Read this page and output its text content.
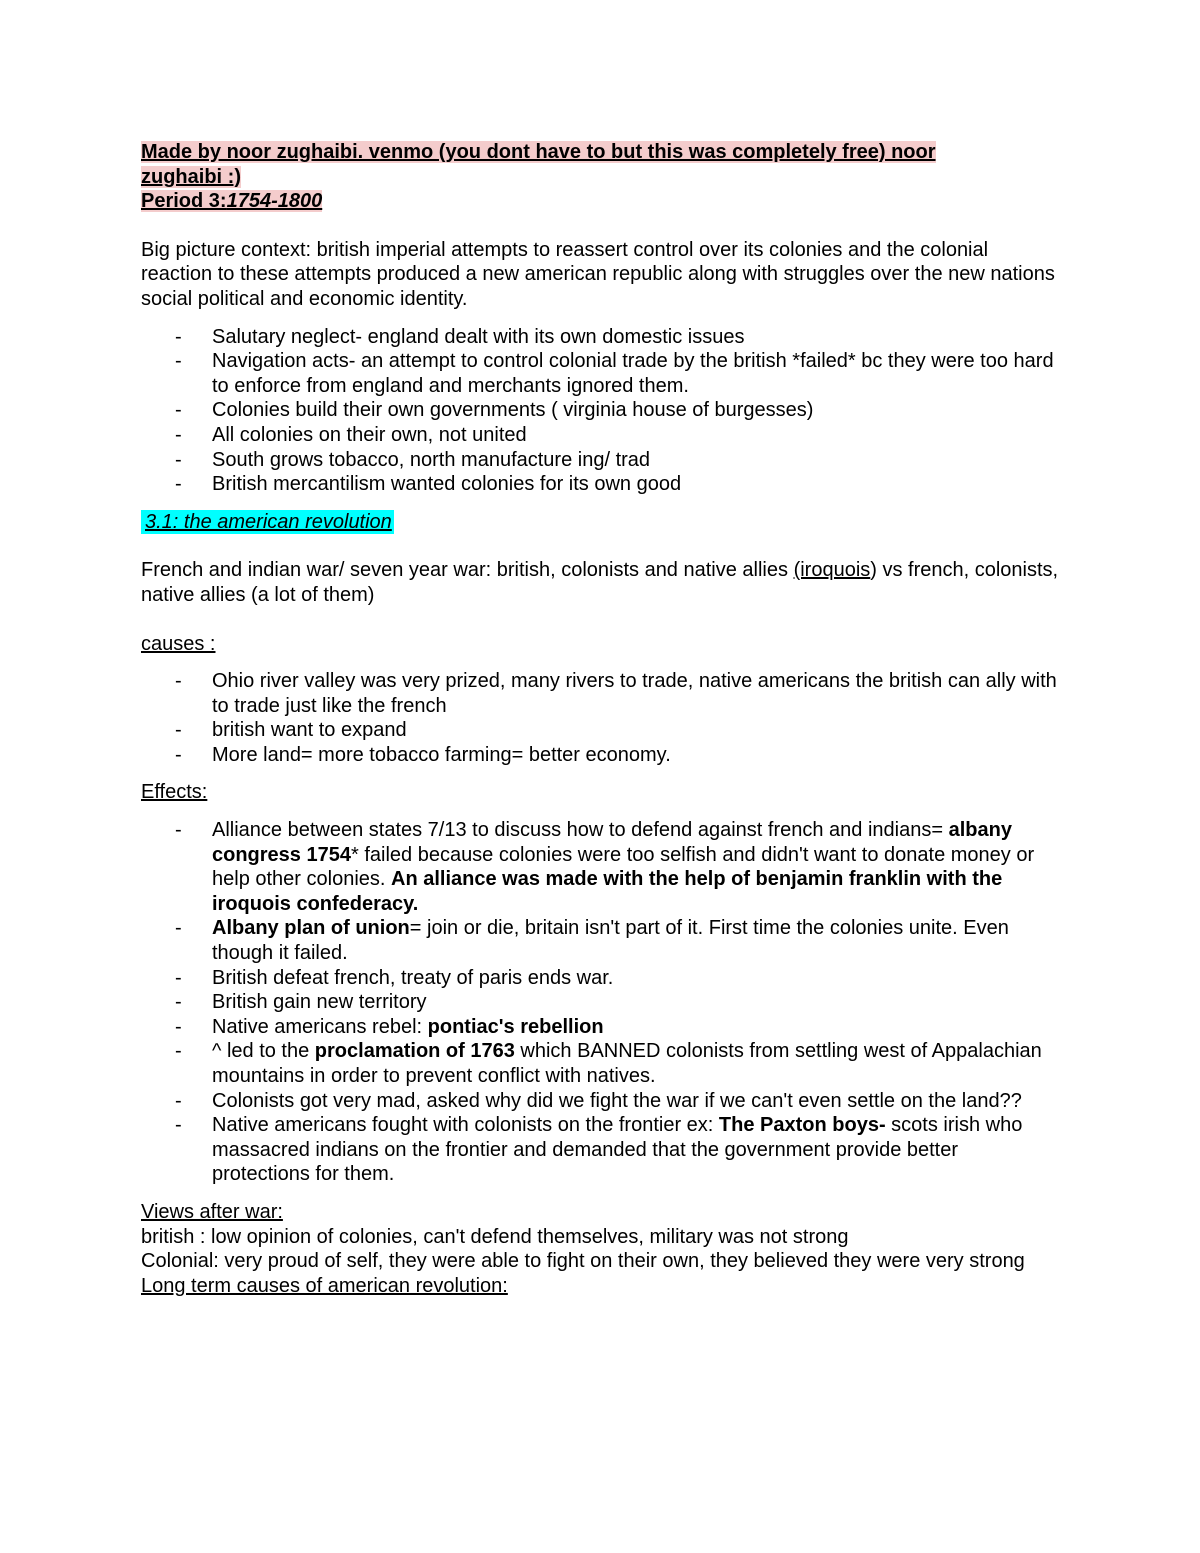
Made by noor zughaibi. venmo (you dont have to but this was completely free) noor
zughaibi :)
Period 3:1754-1800

Big picture context: british imperial attempts to reassert control over its colonies and the colonial reaction to these attempts produced a new american republic along with struggles over the new nations social political and economic identity.

- Salutary neglect- england dealt with its own domestic issues
- Navigation acts- an attempt to control colonial trade by the british *failed* bc they were too hard to enforce from england and merchants ignored them.
- Colonies build their own governments ( virginia house of burgesses)
- All colonies on their own, not united
- South grows tobacco, north manufacture ing/ trad
- British mercantilism wanted colonies for its own good

3.1: the american revolution

French and indian war/ seven year war: british, colonists and native allies (iroquois) vs french, colonists, native allies (a lot of them)

causes :

- Ohio river valley was very prized, many rivers to trade, native americans the british can ally with to trade just like the french
- british want to expand
- More land= more tobacco farming= better economy.

Effects:

- Alliance between states 7/13 to discuss how to defend against french and indians= albany congress 1754* failed because colonies were too selfish and didn't want to donate money or help other colonies. An alliance was made with the help of benjamin franklin with the iroquois confederacy.
- Albany plan of union= join or die, britain isn't part of it. First time the colonies unite. Even though it failed.
- British defeat french, treaty of paris ends war.
- British gain new territory
- Native americans rebel: pontiac's rebellion
- ^ led to the proclamation of 1763 which BANNED colonists from settling west of Appalachian mountains in order to prevent conflict with natives.
- Colonists got very mad, asked why did we fight the war if we can't even settle on the land??
- Native americans fought with colonists on the frontier ex: The Paxton boys- scots irish who massacred indians on the frontier and demanded that the government provide better protections for them.

Views after war:

british : low opinion of colonies, can't defend themselves, military was not strong

Colonial: very proud of self, they were able to fight on their own, they believed they were very strong

Long term causes of american revolution:
